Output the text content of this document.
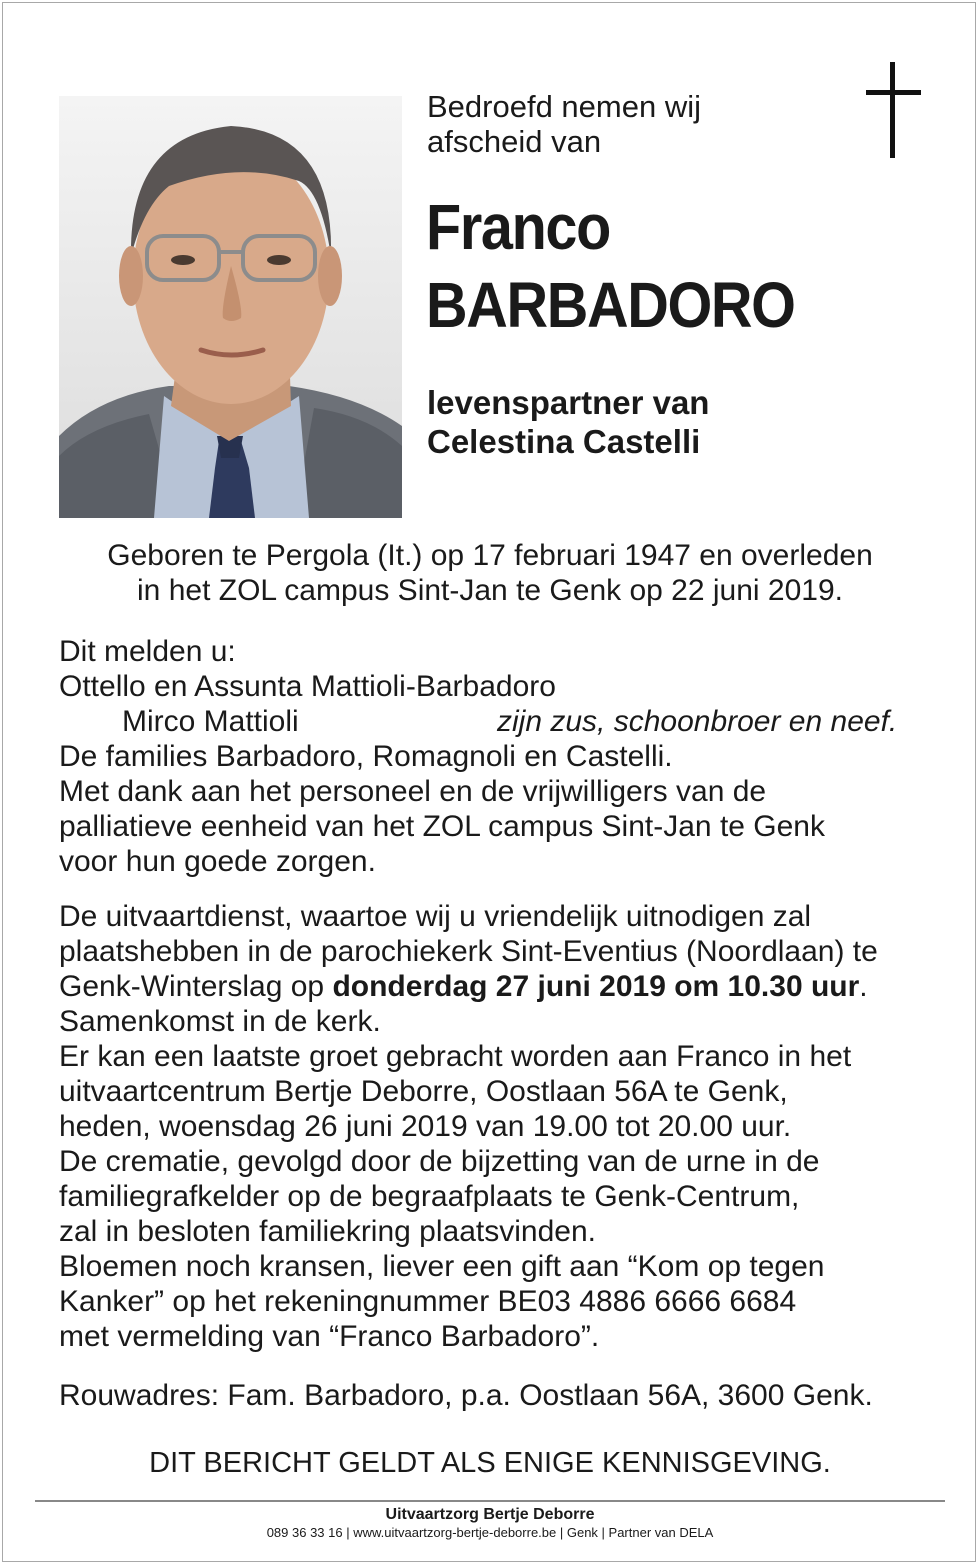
Bedroefd nemen wij
afscheid van
Franco
BARBADORO
levenspartner van
Celestina Castelli
Geboren te Pergola (It.) op 17 februari 1947 en overleden
in het ZOL campus Sint-Jan te Genk op 22 juni 2019.
Dit melden u:
Ottello en Assunta Mattioli-Barbadoro
Mirco Mattioli	zijn zus, schoonbroer en neef.
De families Barbadoro, Romagnoli en Castelli.
Met dank aan het personeel en de vrijwilligers van de
palliatieve eenheid van het ZOL campus Sint-Jan te Genk
voor hun goede zorgen.
De uitvaartdienst, waartoe wij u vriendelijk uitnodigen zal
plaatshebben in de parochiekerk Sint-Eventius (Noordlaan) te
Genk-Winterslag op donderdag 27 juni 2019 om 10.30 uur.
Samenkomst in de kerk.
Er kan een laatste groet gebracht worden aan Franco in het
uitvaartcentrum Bertje Deborre, Oostlaan 56A te Genk,
heden, woensdag 26 juni 2019 van 19.00 tot 20.00 uur.
De crematie, gevolgd door de bijzetting van de urne in de
familiegrafkelder op de begraafplaats te Genk-Centrum,
zal in besloten familiekring plaatsvinden.
Bloemen noch kransen, liever een gift aan “Kom op tegen
Kanker” op het rekeningnummer BE03 4886 6666 6684
met vermelding van “Franco Barbadoro”.
Rouwadres: Fam. Barbadoro, p.a. Oostlaan 56A, 3600 Genk.
DIT BERICHT GELDT ALS ENIGE KENNISGEVING.
Uitvaartzorg Bertje Deborre
089 36 33 16 | www.uitvaartzorg-bertje-deborre.be | Genk | Partner van DELA
